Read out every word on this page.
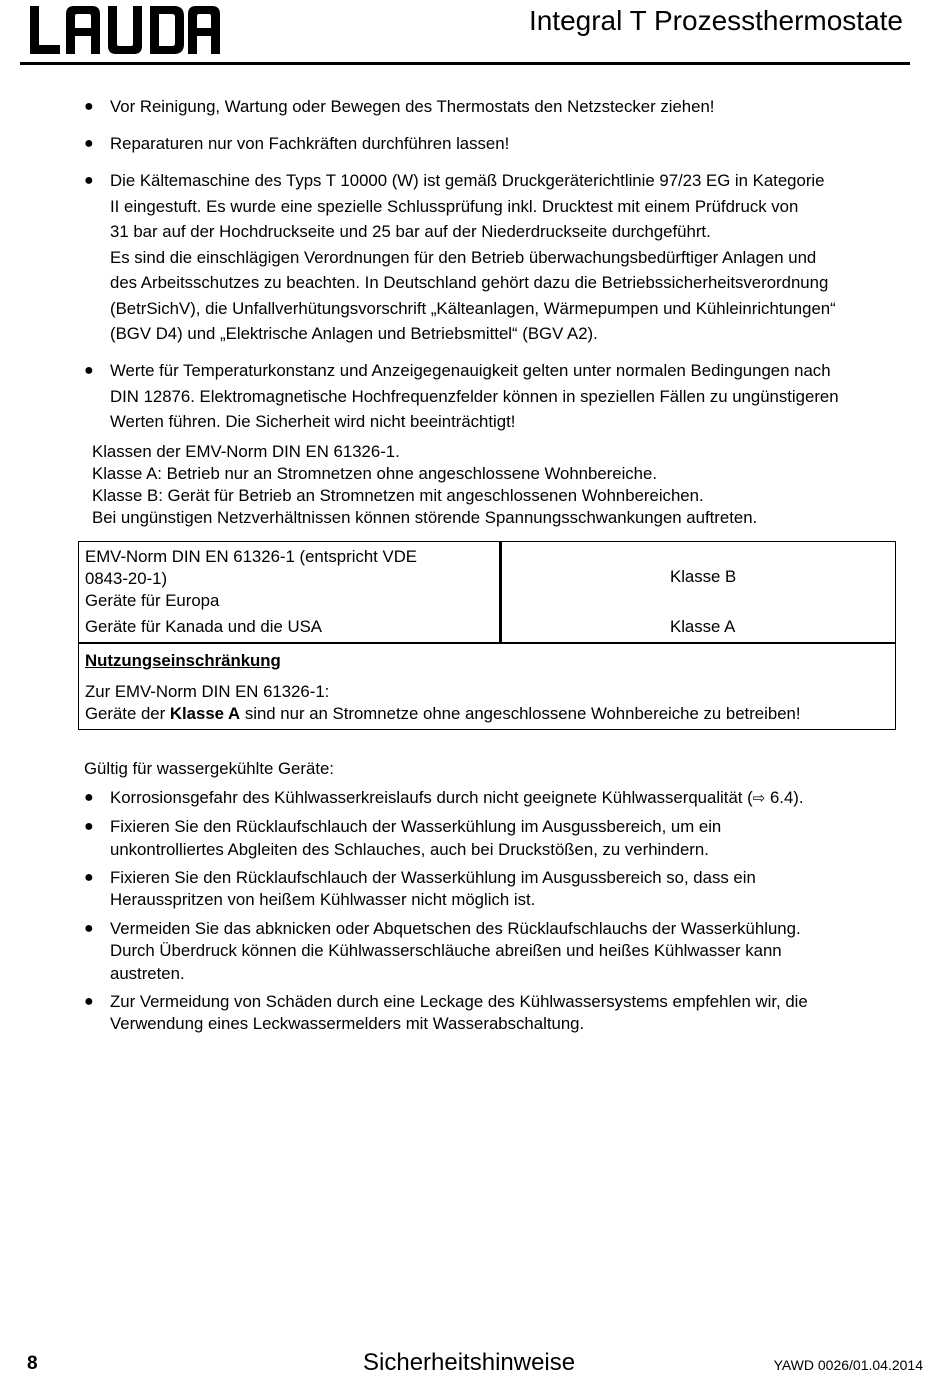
Integral T Prozessthermostate
● Vor Reinigung, Wartung oder Bewegen des Thermostats den Netzstecker ziehen!

● Reparaturen nur von Fachkräften durchführen lassen!

● Die Kältemaschine des Typs T 10000 (W) ist gemäß Druckgeräterichtlinie 97/23 EG in Kategorie

II eingestuft. Es wurde eine spezielle Schlussprüfung inkl. Drucktest mit einem Prüfdruck von

31 bar auf der Hochdruckseite und 25 bar auf der Niederdruckseite durchgeführt.

Es sind die einschlägigen Verordnungen für den Betrieb überwachungsbedürftiger Anlagen und

des Arbeitsschutzes zu beachten. In Deutschland gehört dazu die Betriebssicherheitsverordnung

(BetrSichV), die Unfallverhütungsvorschrift „Kälteanlagen, Wärmepumpen und Kühleinrichtungen“

(BGV D4) und „Elektrische Anlagen und Betriebsmittel“ (BGV A2).

● Werte für Temperaturkonstanz und Anzeigegenauigkeit gelten unter normalen Bedingungen nach

DIN 12876. Elektromagnetische Hochfrequenzfelder können in speziellen Fällen zu ungünstigeren

Werten führen. Die Sicherheit wird nicht beeinträchtigt!

Klassen der EMV-Norm DIN EN 61326-1.
Klasse A: Betrieb nur an Stromnetzen ohne angeschlossene Wohnbereiche.
Klasse B: Gerät für Betrieb an Stromnetzen mit angeschlossenen Wohnbereichen.
Bei ungünstigen Netzverhältnissen können störende Spannungsschwankungen auftreten.
EMV-Norm DIN EN 61326-1 (entspricht VDE
0843-20-1)
Geräte für Europa	Klasse B
Geräte für Kanada und die USA	Klasse A

Nutzungseinschränkung
Zur EMV-Norm DIN EN 61326-1:
Geräte der Klasse A sind nur an Stromnetze ohne angeschlossene Wohnbereiche zu betreiben!	
Gültig für wassergekühlte Geräte:
● Korrosionsgefahr des Kühlwasserkreislaufs durch nicht geeignete Kühlwasserqualität (⇨ 6.4).
● Fixieren Sie den Rücklaufschlauch der Wasserkühlung im Ausgussbereich, um ein
unkontrolliertes Abgleiten des Schlauches, auch bei Druckstößen, zu verhindern.
● Fixieren Sie den Rücklaufschlauch der Wasserkühlung im Ausgussbereich so, dass ein
Herausspritzen von heißem Kühlwasser nicht möglich ist.
● Vermeiden Sie das abknicken oder Abquetschen des Rücklaufschlauchs der Wasserkühlung.
Durch Überdruck können die Kühlwasserschläuche abreißen und heißes Kühlwasser kann
austreten.
● Zur Vermeidung von Schäden durch eine Leckage des Kühlwassersystems empfehlen wir, die
Verwendung eines Leckwassermelders mit Wasserabschaltung.
8	Sicherheitshinweise	YAWD 0026/01.04.2014
